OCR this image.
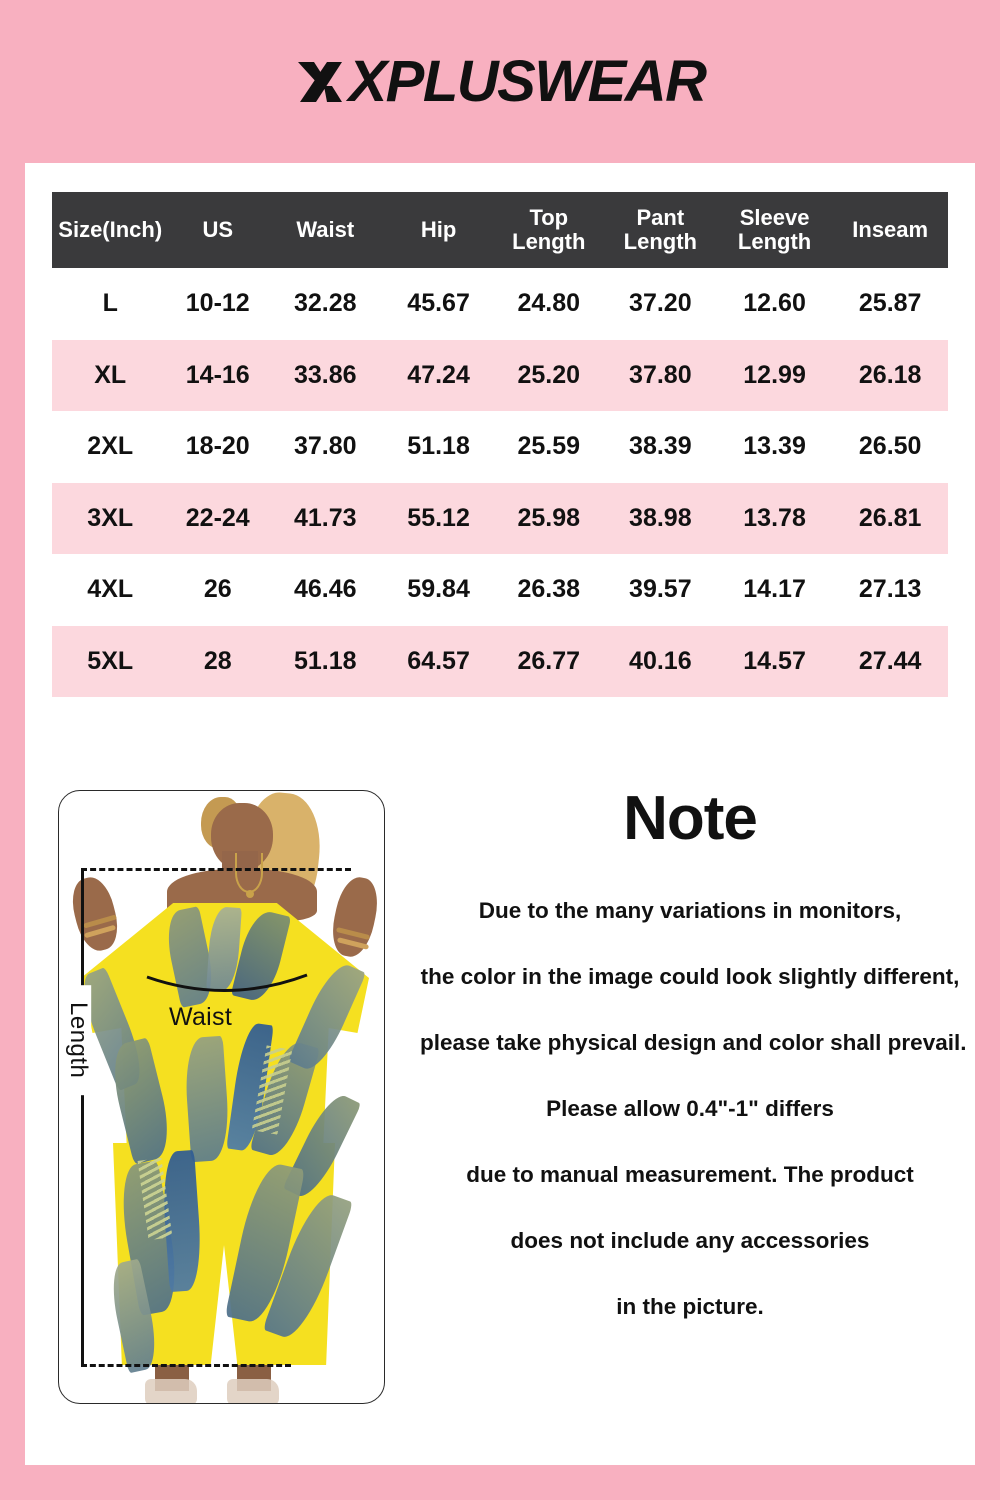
XPLUSWEAR
Size(Inch)	US	Waist	Hip	Top Length	Pant Length	Sleeve Length	Inseam
L	10-12	32.28	45.67	24.80	37.20	12.60	25.87
XL	14-16	33.86	47.24	25.20	37.80	12.99	26.18
2XL	18-20	37.80	51.18	25.59	38.39	13.39	26.50
3XL	22-24	41.73	55.12	25.98	38.98	13.78	26.81
4XL	26	46.46	59.84	26.38	39.57	14.17	27.13
5XL	28	51.18	64.57	26.77	40.16	14.57	27.44
Length	Waist
Note
Due to the many variations in monitors,
the color in the image could look slightly different,
please take physical design and color shall prevail.
Please allow 0.4"-1" differs
due to manual measurement. The product
does not include any accessories
in the picture.
